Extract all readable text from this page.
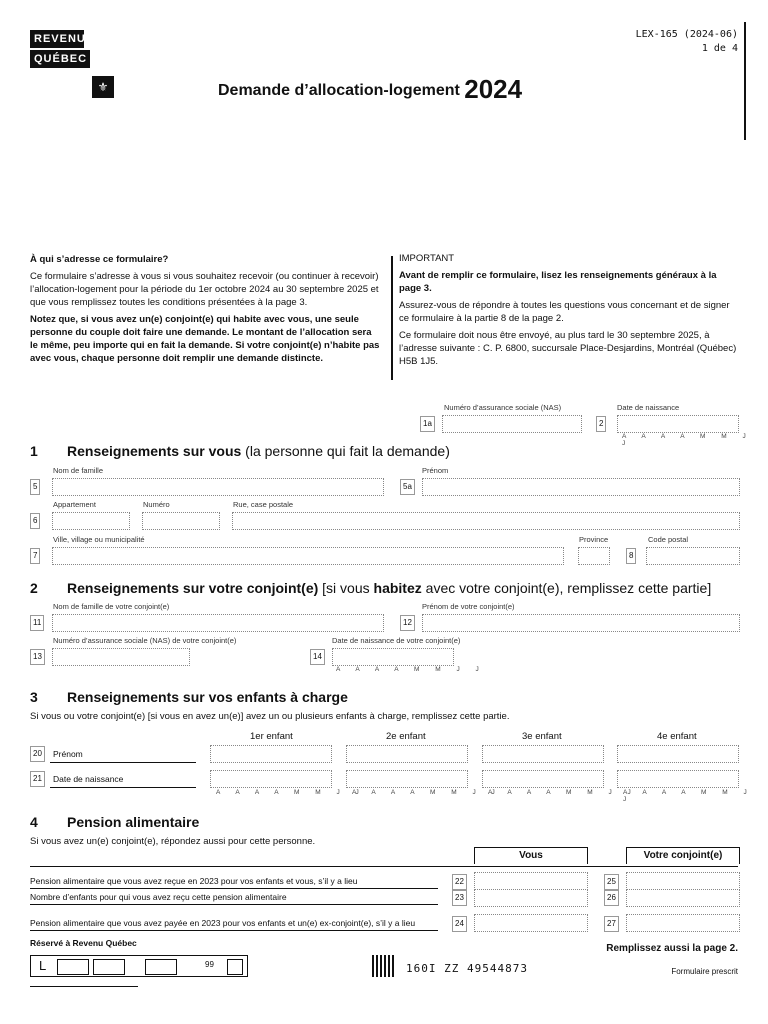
REVENU
QUÉBEC
⚜
LEX-165 (2024-06)
1 de 4
Demande d’allocation-logement 2024

À qui s’adresse ce formulaire?

Ce formulaire s’adresse à vous si vous souhaitez recevoir (ou continuer à recevoir) l’allocation-logement pour la période du 1er octobre 2024 au 30 septembre 2025 et que vous remplissez toutes les conditions présentées à la page 3.

Notez que, si vous avez un(e) conjoint(e) qui habite avec vous, une seule personne du couple doit faire une demande. Le montant de l’allocation sera le même, peu importe qui en fait la demande. Si votre conjoint(e) n’habite pas avec vous, chaque personne doit remplir une demande distincte.

IMPORTANT

Avant de remplir ce formulaire, lisez les renseignements généraux à la page 3.

Assurez-vous de répondre à toutes les questions vous concernant et de signer ce formulaire à la partie 8 de la page 2.

Ce formulaire doit nous être envoyé, au plus tard le 30 septembre 2025, à l’adresse suivante : C. P. 6800, succursale Place-Desjardins, Montréal (Québec) H5B 1J5.

Numéro d’assurance sociale (NAS)
1a
Date de naissance
2
A A A A M M J J
1 Renseignements sur vous (la personne qui fait la demande)
Nom de famille
5
Prénom
5a
Appartement	Numéro	Rue, case postale
6
Ville, village ou municipalité	Province	Code postal
7	8
2 Renseignements sur votre conjoint(e) [si vous habitez avec votre conjoint(e), remplissez cette partie]
Nom de famille de votre conjoint(e)
11
Prénom de votre conjoint(e)
12
Numéro d’assurance sociale (NAS) de votre conjoint(e)
13
Date de naissance de votre conjoint(e)
14
A A A A M M J J
3 Renseignements sur vos enfants à charge
Si vous ou votre conjoint(e) [si vous en avez un(e)] avez un ou plusieurs enfants à charge, remplissez cette partie.
1er enfant	2e enfant	3e enfant	4e enfant
20	Prénom
21	Date de naissance
A A A A M M J J
A A A A M M J J
A A A A M M J J
A A A A M M J J
4 Pension alimentaire
Si vous avez un(e) conjoint(e), répondez aussi pour cette personne.
Vous	Votre conjoint(e)
Pension alimentaire que vous avez reçue en 2023 pour vos enfants et vous, s’il y a lieu	22	25
Nombre d’enfants pour qui vous avez reçu cette pension alimentaire	23	26
Pension alimentaire que vous avez payée en 2023 pour vos enfants et un(e) ex-conjoint(e), s’il y a lieu	24	27
Réservé à Revenu Québec
L	99	160I ZZ 49544873
Remplissez aussi la page 2.
Formulaire prescrit
